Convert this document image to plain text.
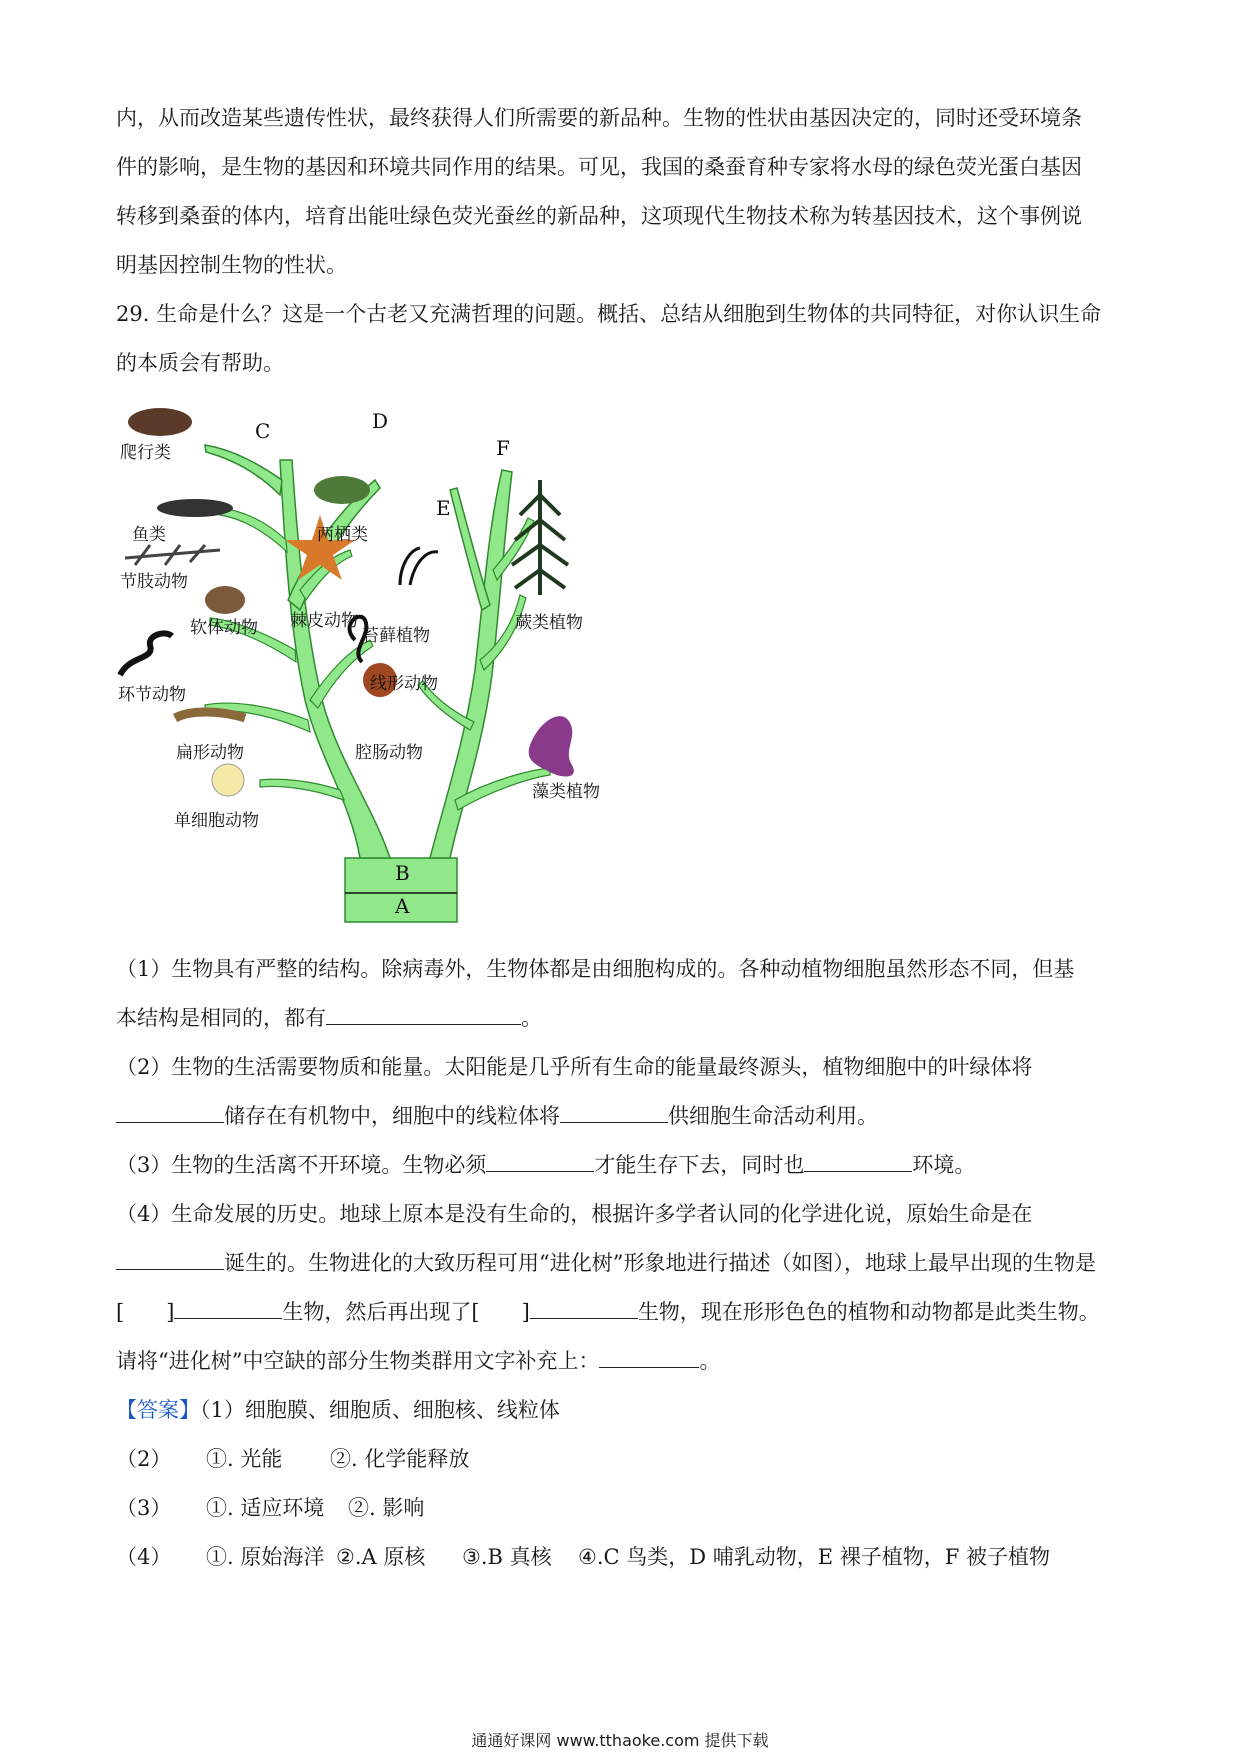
内，从而改造某些遗传性状，最终获得人们所需要的新品种。生物的性状由基因决定的，同时还受环境条
件的影响，是生物的基因和环境共同作用的结果。可见，我国的桑蚕育种专家将水母的绿色荧光蛋白基因
转移到桑蚕的体内，培育出能吐绿色荧光蚕丝的新品种，这项现代生物技术称为转基因技术，这个事例说
明基因控制生物的性状。
29. 生命是什么？这是一个古老又充满哲理的问题。概括、总结从细胞到生物体的共同特征，对你认识生命
的本质会有帮助。
A
B
C	D
E
F
爬行类
鱼类
节肢动物
软体动物
环节动物
扁形动物
单细胞动物
两栖类
棘皮动物
苔藓植物
线形动物
腔肠动物
蕨类植物
藻类植物
（1）生物具有严整的结构。除病毒外，生物体都是由细胞构成的。各种动植物细胞虽然形态不同，但基
本结构是相同的，都有	。
（2）生物的生活需要物质和能量。太阳能是几乎所有生命的能量最终源头，植物细胞中的叶绿体将
储存在有机物中，细胞中的线粒体将	供细胞生命活动利用。
（3）生物的生活离不开环境。生物必须	才能生存下去，同时也	环境。
（4）生命发展的历史。地球上原本是没有生命的，根据许多学者认同的化学进化说，原始生命是在
诞生的。生物进化的大致历程可用“进化树”形象地进行描述（如图），地球上最早出现的生物是
[ ]	生物，然后再出现了[ ]	生物，现在形形色色的植物和动物都是此类生物。
请将“进化树”中空缺的部分生物类群用文字补充上：	。
【答案】（1）细胞膜、细胞质、细胞核、线粒体
（2） ①. 光能 ②. 化学能释放
（3） ①. 适应环境 ②. 影响
（4） ①. 原始海洋 ②.A 原核 ③.B 真核 ④.C 鸟类，D 哺乳动物，E 裸子植物，F 被子植物
通通好课网 www.tthaoke.com 提供下载
